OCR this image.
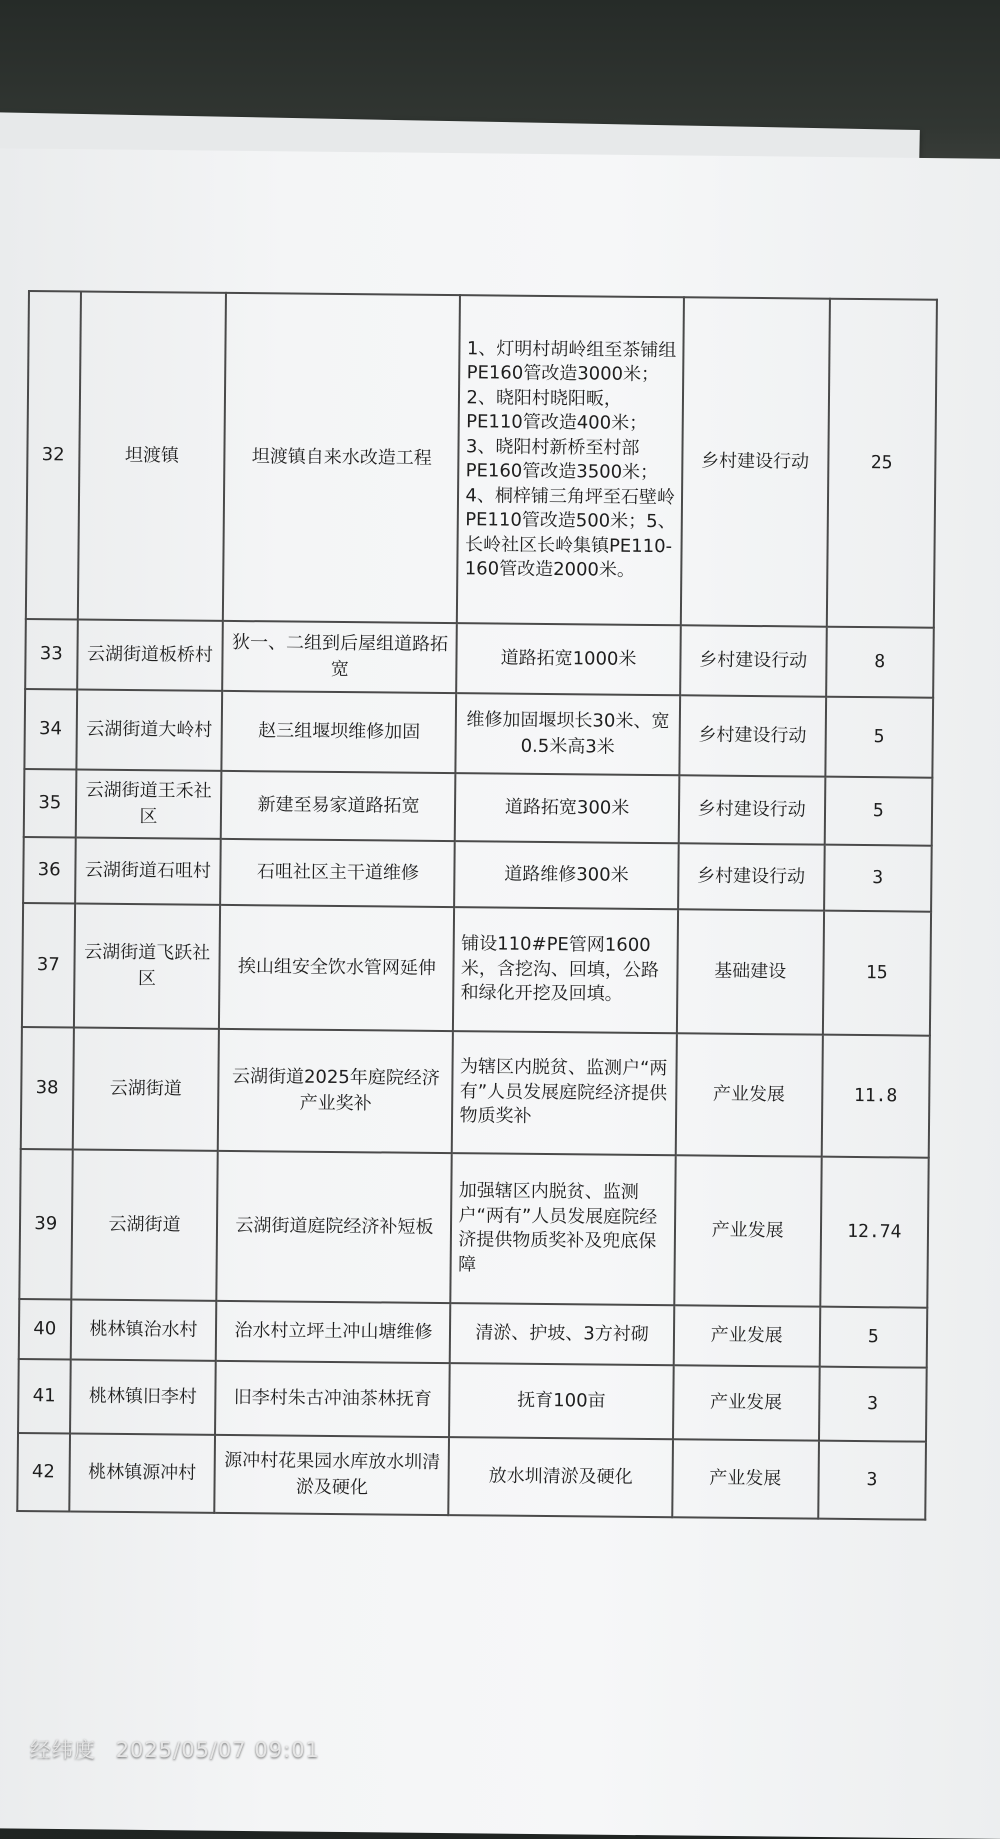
32	坦渡镇	坦渡镇自来水改造工程	1、灯明村胡岭组至茶铺组PE160管改造3000米；2、晓阳村晓阳畈，PE110管改造400米； 3、晓阳村新桥至村部PE160管改造3500米； 4、桐梓铺三角坪至石壁岭PE110管改造500米；5、长岭社区长岭集镇PE110-160管改造2000米。	乡村建设行动	25
33	云湖街道板桥村	狄一、二组到后屋组道路拓宽	道路拓宽1000米	乡村建设行动	8
34	云湖街道大岭村	赵三组堰坝维修加固	维修加固堰坝长30米、宽0.5米高3米	乡村建设行动	5
35	云湖街道王禾社区	新建至易家道路拓宽	道路拓宽300米	乡村建设行动	5
36	云湖街道石咀村	石咀社区主干道维修	道路维修300米	乡村建设行动	3
37	云湖街道飞跃社区	挨山组安全饮水管网延伸	铺设110#PE管网1600米，含挖沟、回填，公路和绿化开挖及回填。	基础建设	15
38	云湖街道	云湖街道2025年庭院经济产业奖补	为辖区内脱贫、监测户“两有”人员发展庭院经济提供物质奖补	产业发展	11.8
39	云湖街道	云湖街道庭院经济补短板	加强辖区内脱贫、监测户“两有”人员发展庭院经济提供物质奖补及兜底保障	产业发展	12.74
40	桃林镇治水村	治水村立坪土冲山塘维修	清淤、护坡、3方衬砌	产业发展	5
41	桃林镇旧李村	旧李村朱古冲油茶林抚育	抚育100亩	产业发展	3
42	桃林镇源冲村	源冲村花果园水库放水圳清淤及硬化	放水圳清淤及硬化	产业发展	3
经纬度 2025/05/07 09:01
